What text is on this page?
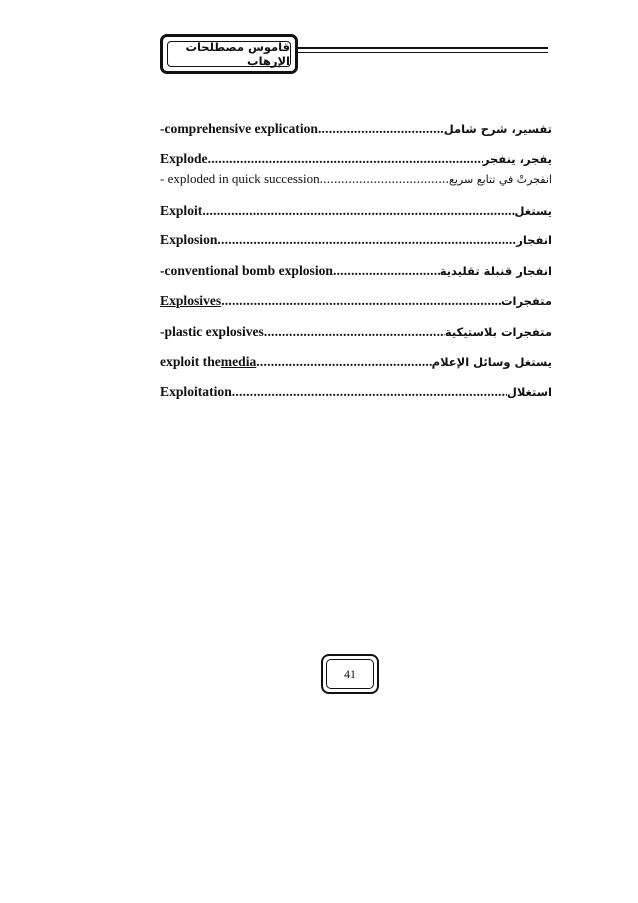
قاموس مصطلحات الإرهاب
-comprehensive explication .....	تفسير، شرح شامل
Explode .....	يفجر، ينفجر
- exploded in quick succession .....	انفجرتْ في تتابع سريع
Exploit .....	يستغل
Explosion .....	انفجار
-conventional bomb explosion .....	انفجار قنبلة تقليدية
Explosives .....	متفجرات
-plastic explosives .....	متفجرات بلاستيكية
exploit the media .....	يستغل وسائل الإعلام
Exploitation .....	استغلال
41
